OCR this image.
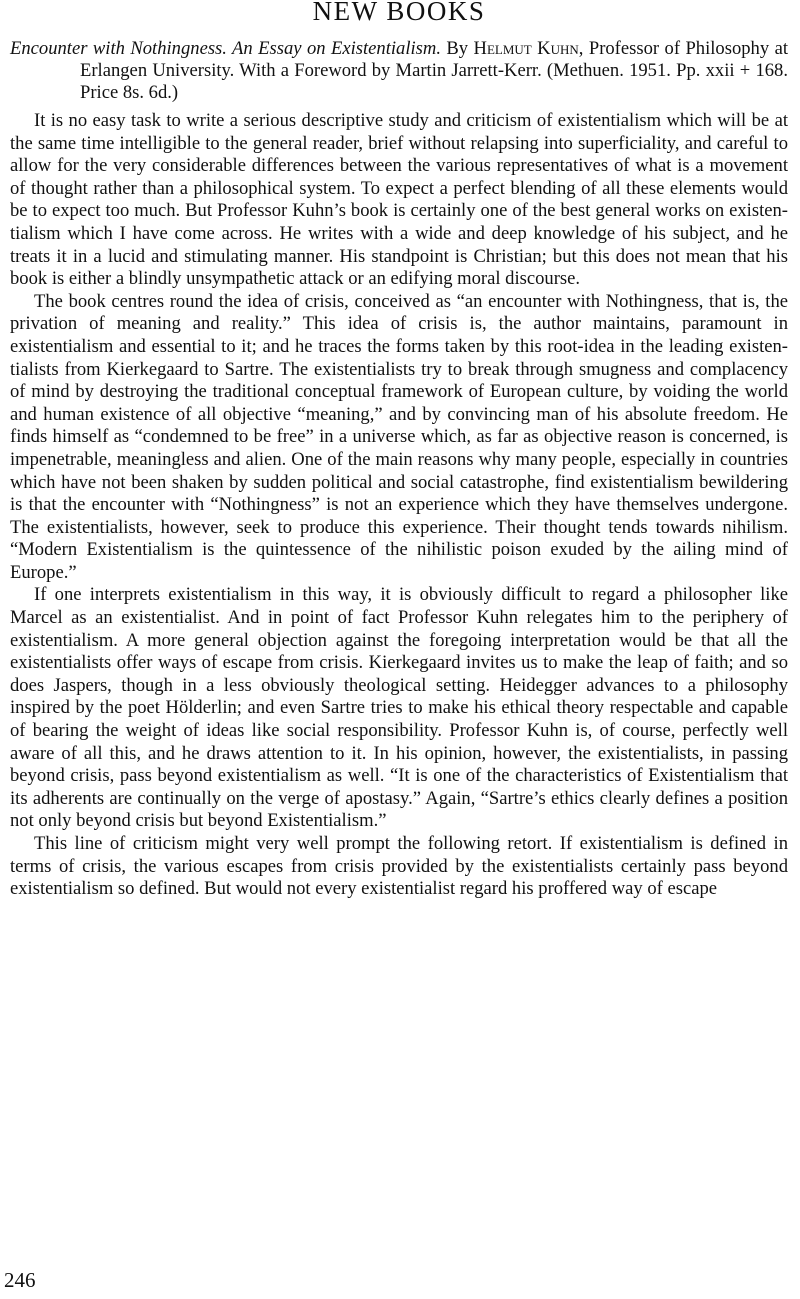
NEW BOOKS
Encounter with Nothingness. An Essay on Existentialism. By Helmut Kuhn, Professor of Philosophy at Erlangen University. With a Foreword by Martin Jarrett-Kerr. (Methuen. 1951. Pp. xxii + 168. Price 8s. 6d.)

It is no easy task to write a serious descriptive study and criticism of existentialism which will be at the same time intelligible to the general reader, brief without relapsing into superficiality, and careful to allow for the very considerable differences between the various representatives of what is a movement of thought rather than a philosophical system. To expect a perfect blending of all these elements would be to expect too much. But Professor Kuhn’s book is certainly one of the best general works on existentialism which I have come across. He writes with a wide and deep knowledge of his subject, and he treats it in a lucid and stimulating manner. His standpoint is Christian; but this does not mean that his book is either a blindly unsympathetic attack or an edifying moral discourse.

The book centres round the idea of crisis, conceived as “an encounter with Nothingness, that is, the privation of meaning and reality.” This idea of crisis is, the author maintains, paramount in existentialism and essential to it; and he traces the forms taken by this root-idea in the leading existentialists from Kierkegaard to Sartre. The existentialists try to break through smugness and complacency of mind by destroying the traditional conceptual framework of European culture, by voiding the world and human existence of all objective “meaning,” and by convincing man of his absolute freedom. He finds himself as “condemned to be free” in a universe which, as far as objective reason is concerned, is impenetrable, meaningless and alien. One of the main reasons why many people, especially in countries which have not been shaken by sudden political and social catastrophe, find existentialism bewildering is that the encounter with “Nothingness” is not an experience which they have themselves undergone. The existentialists, however, seek to produce this experience. Their thought tends towards nihilism. “Modern Existentialism is the quintessence of the nihilistic poison exuded by the ailing mind of Europe.”

If one interprets existentialism in this way, it is obviously difficult to regard a philosopher like Marcel as an existentialist. And in point of fact Professor Kuhn relegates him to the periphery of existentialism. A more general objection against the foregoing interpretation would be that all the existentialists offer ways of escape from crisis. Kierkegaard invites us to make the leap of faith; and so does Jaspers, though in a less obviously theological setting. Heidegger advances to a philosophy inspired by the poet Hölderlin; and even Sartre tries to make his ethical theory respectable and capable of bearing the weight of ideas like social responsibility. Professor Kuhn is, of course, perfectly well aware of all this, and he draws attention to it. In his opinion, however, the existentialists, in passing beyond crisis, pass beyond existentialism as well. “It is one of the characteristics of Existentialism that its adherents are continually on the verge of apostasy.” Again, “Sartre’s ethics clearly defines a position not only beyond crisis but beyond Existentialism.”

This line of criticism might very well prompt the following retort. If existentialism is defined in terms of crisis, the various escapes from crisis provided by the existentialists certainly pass beyond existentialism so defined. But would not every existentialist regard his proffered way of escape

246
